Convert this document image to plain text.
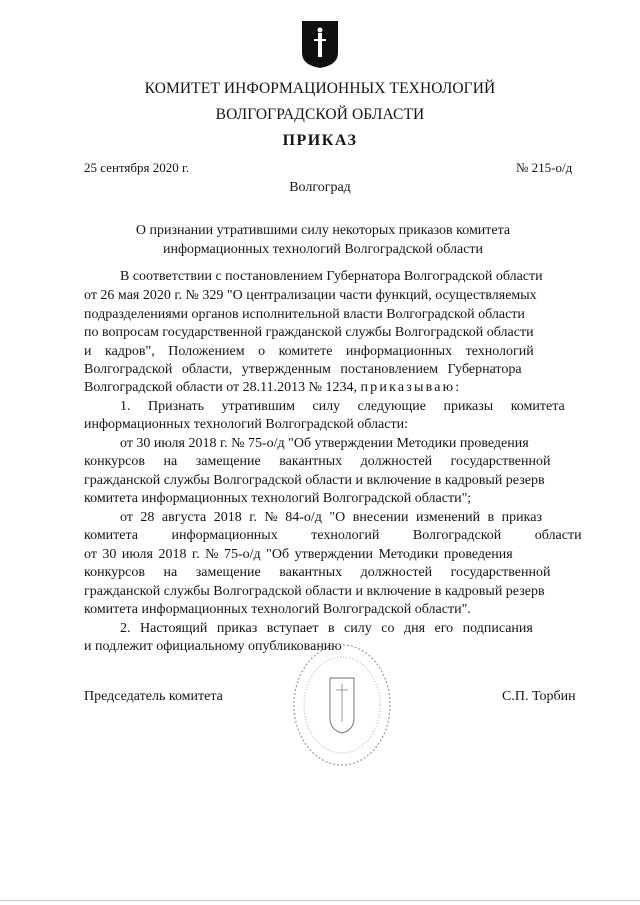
КОМИТЕТ ИНФОРМАЦИОННЫХ ТЕХНОЛОГИЙ
ВОЛГОГРАДСКОЙ ОБЛАСТИ
ПРИКАЗ
25 сентября 2020 г.	№ 215-о/д
Волгоград
О признании утратившими силу некоторых приказов комитета
информационных технологий Волгоградской области
В соответствии с постановлением Губернатора Волгоградской области
от 26 мая 2020 г. № 329 "О централизации части функций, осуществляемых
подразделениями органов исполнительной власти Волгоградской области
по вопросам государственной гражданской службы Волгоградской области
и кадров", Положением о комитете информационных технологий
Волгоградской области, утвержденным постановлением Губернатора
Волгоградской области от 28.11.2013 № 1234, приказываю:
1. Признать утратившим силу следующие приказы комитета
информационных технологий Волгоградской области:
от 30 июля 2018 г. № 75-о/д "Об утверждении Методики проведения
конкурсов на замещение вакантных должностей государственной
гражданской службы Волгоградской области и включение в кадровый резерв
комитета информационных технологий Волгоградской области";
от 28 августа 2018 г. № 84-о/д "О внесении изменений в приказ
комитета информационных технологий Волгоградской области
от 30 июля 2018 г. № 75-о/д "Об утверждении Методики проведения
конкурсов на замещение вакантных должностей государственной
гражданской службы Волгоградской области и включение в кадровый резерв
комитета информационных технологий Волгоградской области".
2. Настоящий приказ вступает в силу со дня его подписания
и подлежит официальному опубликованию
Председатель комитета	С.П. Торбин
